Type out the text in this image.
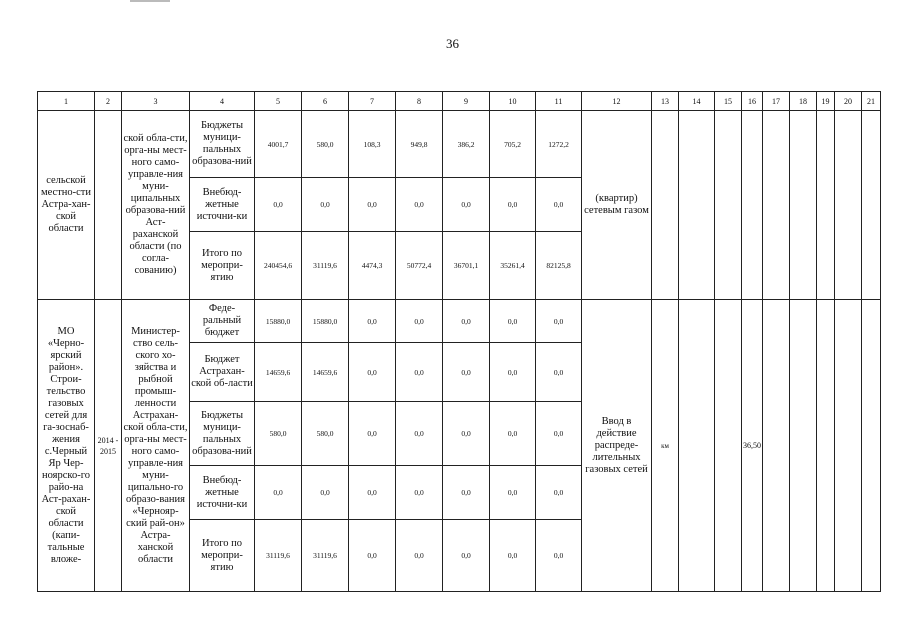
36
1	2	3	4	5	6	7	8	9	10	11	12	13	14	15	16	17	18	19	20	21
сельской местно-сти Астра-хан-ской области		ской обла-сти, орга-ны мест-ного само-управле-ния муни-ципальных образова-ний Аст-раханской области (по согла-сованию)	Бюджеты муници-пальных образова-ний	4001,7	580,0	108,3	949,8	386,2	705,2	1272,2	(квартир) сетевым газом									
			Внебюд-жетные источни-ки	0,0	0,0	0,0	0,0	0,0	0,0	0,0										
			Итого по меропри-ятию	240454,6	31119,6	4474,3	50772,4	36701,1	35261,4	82125,8										
МО «Черно-ярский район». Строи-тельство газовых сетей для га-зоснаб-жения с.Черный Яр Чер-ноярско-го райо-на Аст-рахан-ской области (капи-тальные вложе-	2014 - 2015	Министер-ство сель-ского хо-зяйства и рыбной промыш-ленности Астрахан-ской обла-сти, орга-ны мест-ного само-управле-ния муни-ципально-го образо-вания «Чернояр-ский рай-он» Астра-ханской области	Феде-ральный бюджет	15880,0	15880,0	0,0	0,0	0,0	0,0	0,0	Ввод в действие распреде-лительных газовых сетей	км			36,50					
			Бюджет Астрахан-ской об-ласти	14659,6	14659,6	0,0	0,0	0,0	0,0	0,0										
			Бюджеты муници-пальных образова-ний	580,0	580,0	0,0	0,0	0,0	0,0	0,0										
			Внебюд-жетные источни-ки	0,0	0,0	0,0	0,0	0,0	0,0	0,0										
			Итого по меропри-ятию	31119,6	31119,6	0,0	0,0	0,0	0,0	0,0										
